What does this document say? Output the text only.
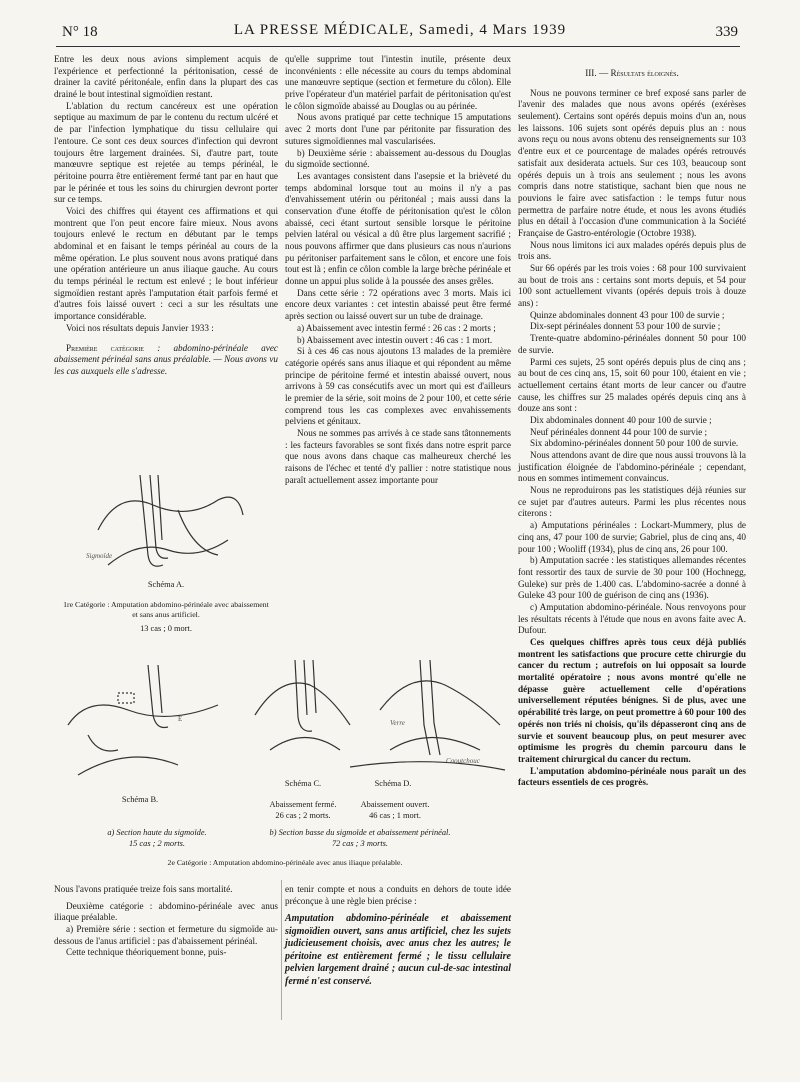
N° 18	LA PRESSE MÉDICALE, Samedi, 4 Mars 1939	339

Entre les deux nous avions simplement acquis de l'expérience et perfectionné la péritonisation, cessé de drainer la cavité péritonéale, enfin dans la plupart des cas drainé le bout intestinal sigmoïdien restant.

L'ablation du rectum cancéreux est une opération septique au maximum de par le contenu du rectum ulcéré et de par l'infection lymphatique du tissu cellulaire qui l'entoure. Ce sont ces deux sources d'infection qui devront toujours être largement drainées. Si, d'autre part, toute manœuvre septique est rejetée au temps périnéal, le péritoine pourra être entièrement fermé tant par en haut que par le périnée et tous les soins du chirurgien devront porter sur ce temps.

Voici des chiffres qui étayent ces affirmations et qui montrent que l'on peut encore faire mieux. Nous avons toujours enlevé le rectum en débutant par le temps abdominal et en faisant le temps périnéal au cours de la même opération. Le plus souvent nous avons pratiqué dans une opération antérieure un anus iliaque gauche. Au cours du temps périnéal le rectum est enlevé ; le bout inférieur sigmoïdien restant après l'amputation était parfois fermé et d'autres fois laissé ouvert : ceci a sur les résultats une importance considérable.

Voici nos résultats depuis Janvier 1933 :

Première catégorie : abdomino-périnéale avec abaissement périnéal sans anus préalable. — Nous avons vu les cas auxquels elle s'adresse.

Sigmoïde
Schéma A.
1re Catégorie : Amputation abdomino-périnéale avec abaissement et sans anus artificiel.
13 cas ; 0 mort.

qu'elle supprime tout l'intestin inutile, présente deux inconvénients : elle nécessite au cours du temps abdominal une manœuvre septique (section et fermeture du côlon). Elle prive l'opérateur d'un matériel parfait de péritonisation qu'est le côlon sigmoïde abaissé au Douglas ou au périnée.

Nous avons pratiqué par cette technique 15 amputations avec 2 morts dont l'une par péritonite par fissuration des sutures sigmoïdiennes mal vascularisées.

b) Deuxième série : abaissement au-dessous du Douglas du sigmoïde sectionné.

Les avantages consistent dans l'asepsie et la brièveté du temps abdominal lorsque tout au moins il n'y a pas d'envahissement utérin ou péritonéal ; mais aussi dans la conservation d'une étoffe de péritonisation qu'est le côlon abaissé, ceci étant surtout sensible lorsque le péritoine pelvien latéral ou vésical a dû être plus largement sacrifié ; nous pouvons affirmer que dans plusieurs cas nous n'aurions pu péritoniser parfaitement sans le côlon, et encore une fois tout est là ; enfin ce côlon comble la large brèche périnéale et donne un appui plus solide à la poussée des anses grêles.

Dans cette série : 72 opérations avec 3 morts. Mais ici encore deux variantes : cet intestin abaissé peut être fermé après section ou laissé ouvert sur un tube de drainage.

a) Abaissement avec intestin fermé : 26 cas : 2 morts ;

b) Abaissement avec intestin ouvert : 46 cas : 1 mort.

Si à ces 46 cas nous ajoutons 13 malades de la première catégorie opérés sans anus iliaque et qui répondent au même principe de péritoine fermé et intestin abaissé ouvert, nous arrivons à 59 cas consécutifs avec un mort qui est d'ailleurs le premier de la série, soit moins de 2 pour 100, et cette série comprend tous les cas complexes avec envahissements pelviens et génitaux.

Nous ne sommes pas arrivés à ce stade sans tâtonnements : les facteurs favorables se sont fixés dans notre esprit parce que nous avons dans chaque cas malheureux cherché les raisons de l'échec et tenté d'y pallier : notre statistique nous paraît actuellement assez importante pour

III. — Résultats éloignés.

Nous ne pouvons terminer ce bref exposé sans parler de l'avenir des malades que nous avons opérés (exérèses seulement). Certains sont opérés depuis moins d'un an, nous les laissons. 106 sujets sont opérés depuis plus an : nous avons reçu ou nous avons obtenu des renseignements sur 103 d'entre eux et ce pourcentage de malades opérés retrouvés satisfait aux desiderata actuels. Sur ces 103, beaucoup sont opérés depuis un à trois ans seulement ; nous les avons compris dans notre statistique, sachant bien que nous ne pouvions le faire avec satisfaction : le temps futur nous permettra de parfaire notre étude, et nous les avons étudiés plus en détail à l'occasion d'une communication à la Société Française de Gastro-entérologie (Octobre 1938).

Nous nous limitons ici aux malades opérés depuis plus de trois ans.

Sur 66 opérés par les trois voies : 68 pour 100 survivaient au bout de trois ans : certains sont morts depuis, et 54 pour 100 sont actuellement vivants (opérés depuis trois à douze ans) :

Quinze abdominales donnent 43 pour 100 de survie ;

Dix-sept périnéales donnent 53 pour 100 de survie ;

Trente-quatre abdomino-périnéales donnent 50 pour 100 de survie.

Parmi ces sujets, 25 sont opérés depuis plus de cinq ans ; au bout de ces cinq ans, 15, soit 60 pour 100, étaient en vie ; actuellement certains étant morts de leur cancer ou d'autre cause, les chiffres sur 25 malades opérés depuis cinq ans à douze ans sont :

Dix abdominales donnent 40 pour 100 de survie ;

Neuf périnéales donnent 44 pour 100 de survie ;

Six abdomino-périnéales donnent 50 pour 100 de survie.

Nous attendons avant de dire que nous aussi trouvons là la justification éloignée de l'abdomino-périnéale ; cependant, nous en sommes intimement convaincus.

Nous ne reproduirons pas les statistiques déjà réunies sur ce sujet par d'autres auteurs. Parmi les plus récentes nous citerons :

a) Amputations périnéales : Lockart-Mummery, plus de cinq ans, 47 pour 100 de survie; Gabriel, plus de cinq ans, 40 pour 100 ; Wooliff (1934), plus de cinq ans, 26 pour 100.

b) Amputation sacrée : les statistiques allemandes récentes font ressortir des taux de survie de 30 pour 100 (Hochnegg, Guleke) sur près de 1.400 cas. L'abdomino-sacrée a donné à Guleke 43 pour 100 de guérison de cinq ans (1936).

c) Amputation abdomino-périnéale. Nous renvoyons pour les résultats récents à l'étude que nous en avons faite avec A. Dufour.

Ces quelques chiffres après tous ceux déjà publiés montrent les satisfactions que procure cette chirurgie du cancer du rectum ; autrefois on lui opposait sa lourde mortalité opératoire ; nous avons montré qu'elle ne dépasse guère actuellement celle d'opérations universellement réputées bénignes. Si de plus, avec une opérabilité très large, on peut promettre à 60 pour 100 des opérés non triés ni choisis, qu'ils dépasseront cinq ans de survie et souvent beaucoup plus, on peut mesurer avec optimisme les progrès du chemin parcouru dans le traitement chirurgical du cancer du rectum.

L'amputation abdomino-périnéale nous paraît un des facteurs essentiels de ces progrès.

E	Verre
Caoutchouc
Schéma B.
Schéma C.	Schéma D.
Abaissement fermé.
26 cas ; 2 morts.
Abaissement ouvert.
46 cas ; 1 mort.
a) Section haute du sigmoïde.
15 cas ; 2 morts.
b) Section basse du sigmoïde et abaissement périnéal.
72 cas ; 3 morts.
2e Catégorie : Amputation abdomino-périnéale avec anus iliaque préalable.

Nous l'avons pratiquée treize fois sans mortalité.

Deuxième catégorie : abdomino-périnéale avec anus iliaque préalable.

a) Première série : section et fermeture du sigmoïde au-dessous de l'anus artificiel : pas d'abaissement périnéal.

Cette technique théoriquement bonne, puis-

en tenir compte et nous a conduits en dehors de toute idée préconçue à une règle bien précise :

Amputation abdomino-périnéale et abaissement sigmoïdien ouvert, sans anus artificiel, chez les sujets judicieusement choisis, avec anus chez les autres; le péritoine est entièrement fermé ; le tissu cellulaire pelvien largement drainé ; aucun cul-de-sac intestinal fermé n'est conservé.
